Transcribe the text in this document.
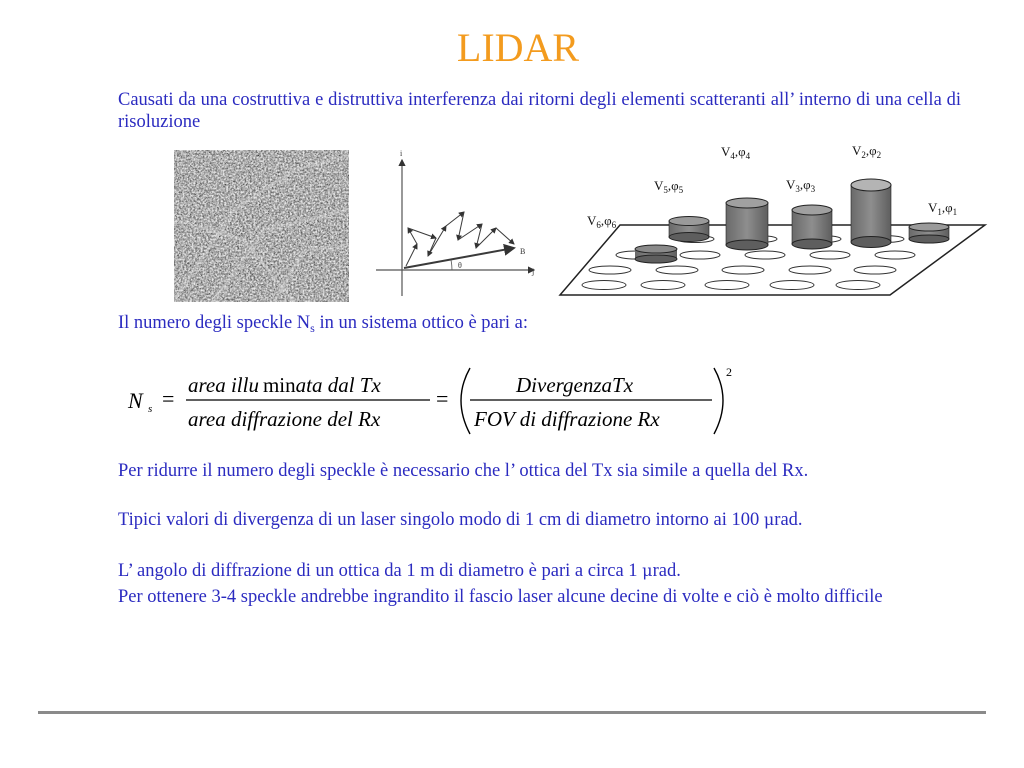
LIDAR
Causati da una costruttiva e distruttiva interferenza dai ritorni degli elementi scatteranti all’ interno di una cella di risoluzione
i
j
θ
B
$V_4,\varphi_4$	$V_2,\varphi_2$
$V_5,\varphi_5$	$V_3,\varphi_3$
$V_1,\varphi_1$
$V_6,\varphi_6$
Il numero degli speckle $N_s$ in un sistema ottico è pari a:
N s =
area illu minata dal Tx
area diffrazione del Rx
=
DivergenzaTx
FOV di diffrazione Rx
2
Per ridurre il numero degli speckle è necessario che l’ ottica del Tx sia simile a quella del Rx.
Tipici valori di divergenza di un laser singolo modo di 1 cm di diametro intorno ai 100 μrad.
L’ angolo di diffrazione di un ottica da 1 m di diametro è pari a circa 1 μrad.
Per ottenere 3-4 speckle andrebbe ingrandito il fascio laser alcune decine di volte e ciò è molto difficile
